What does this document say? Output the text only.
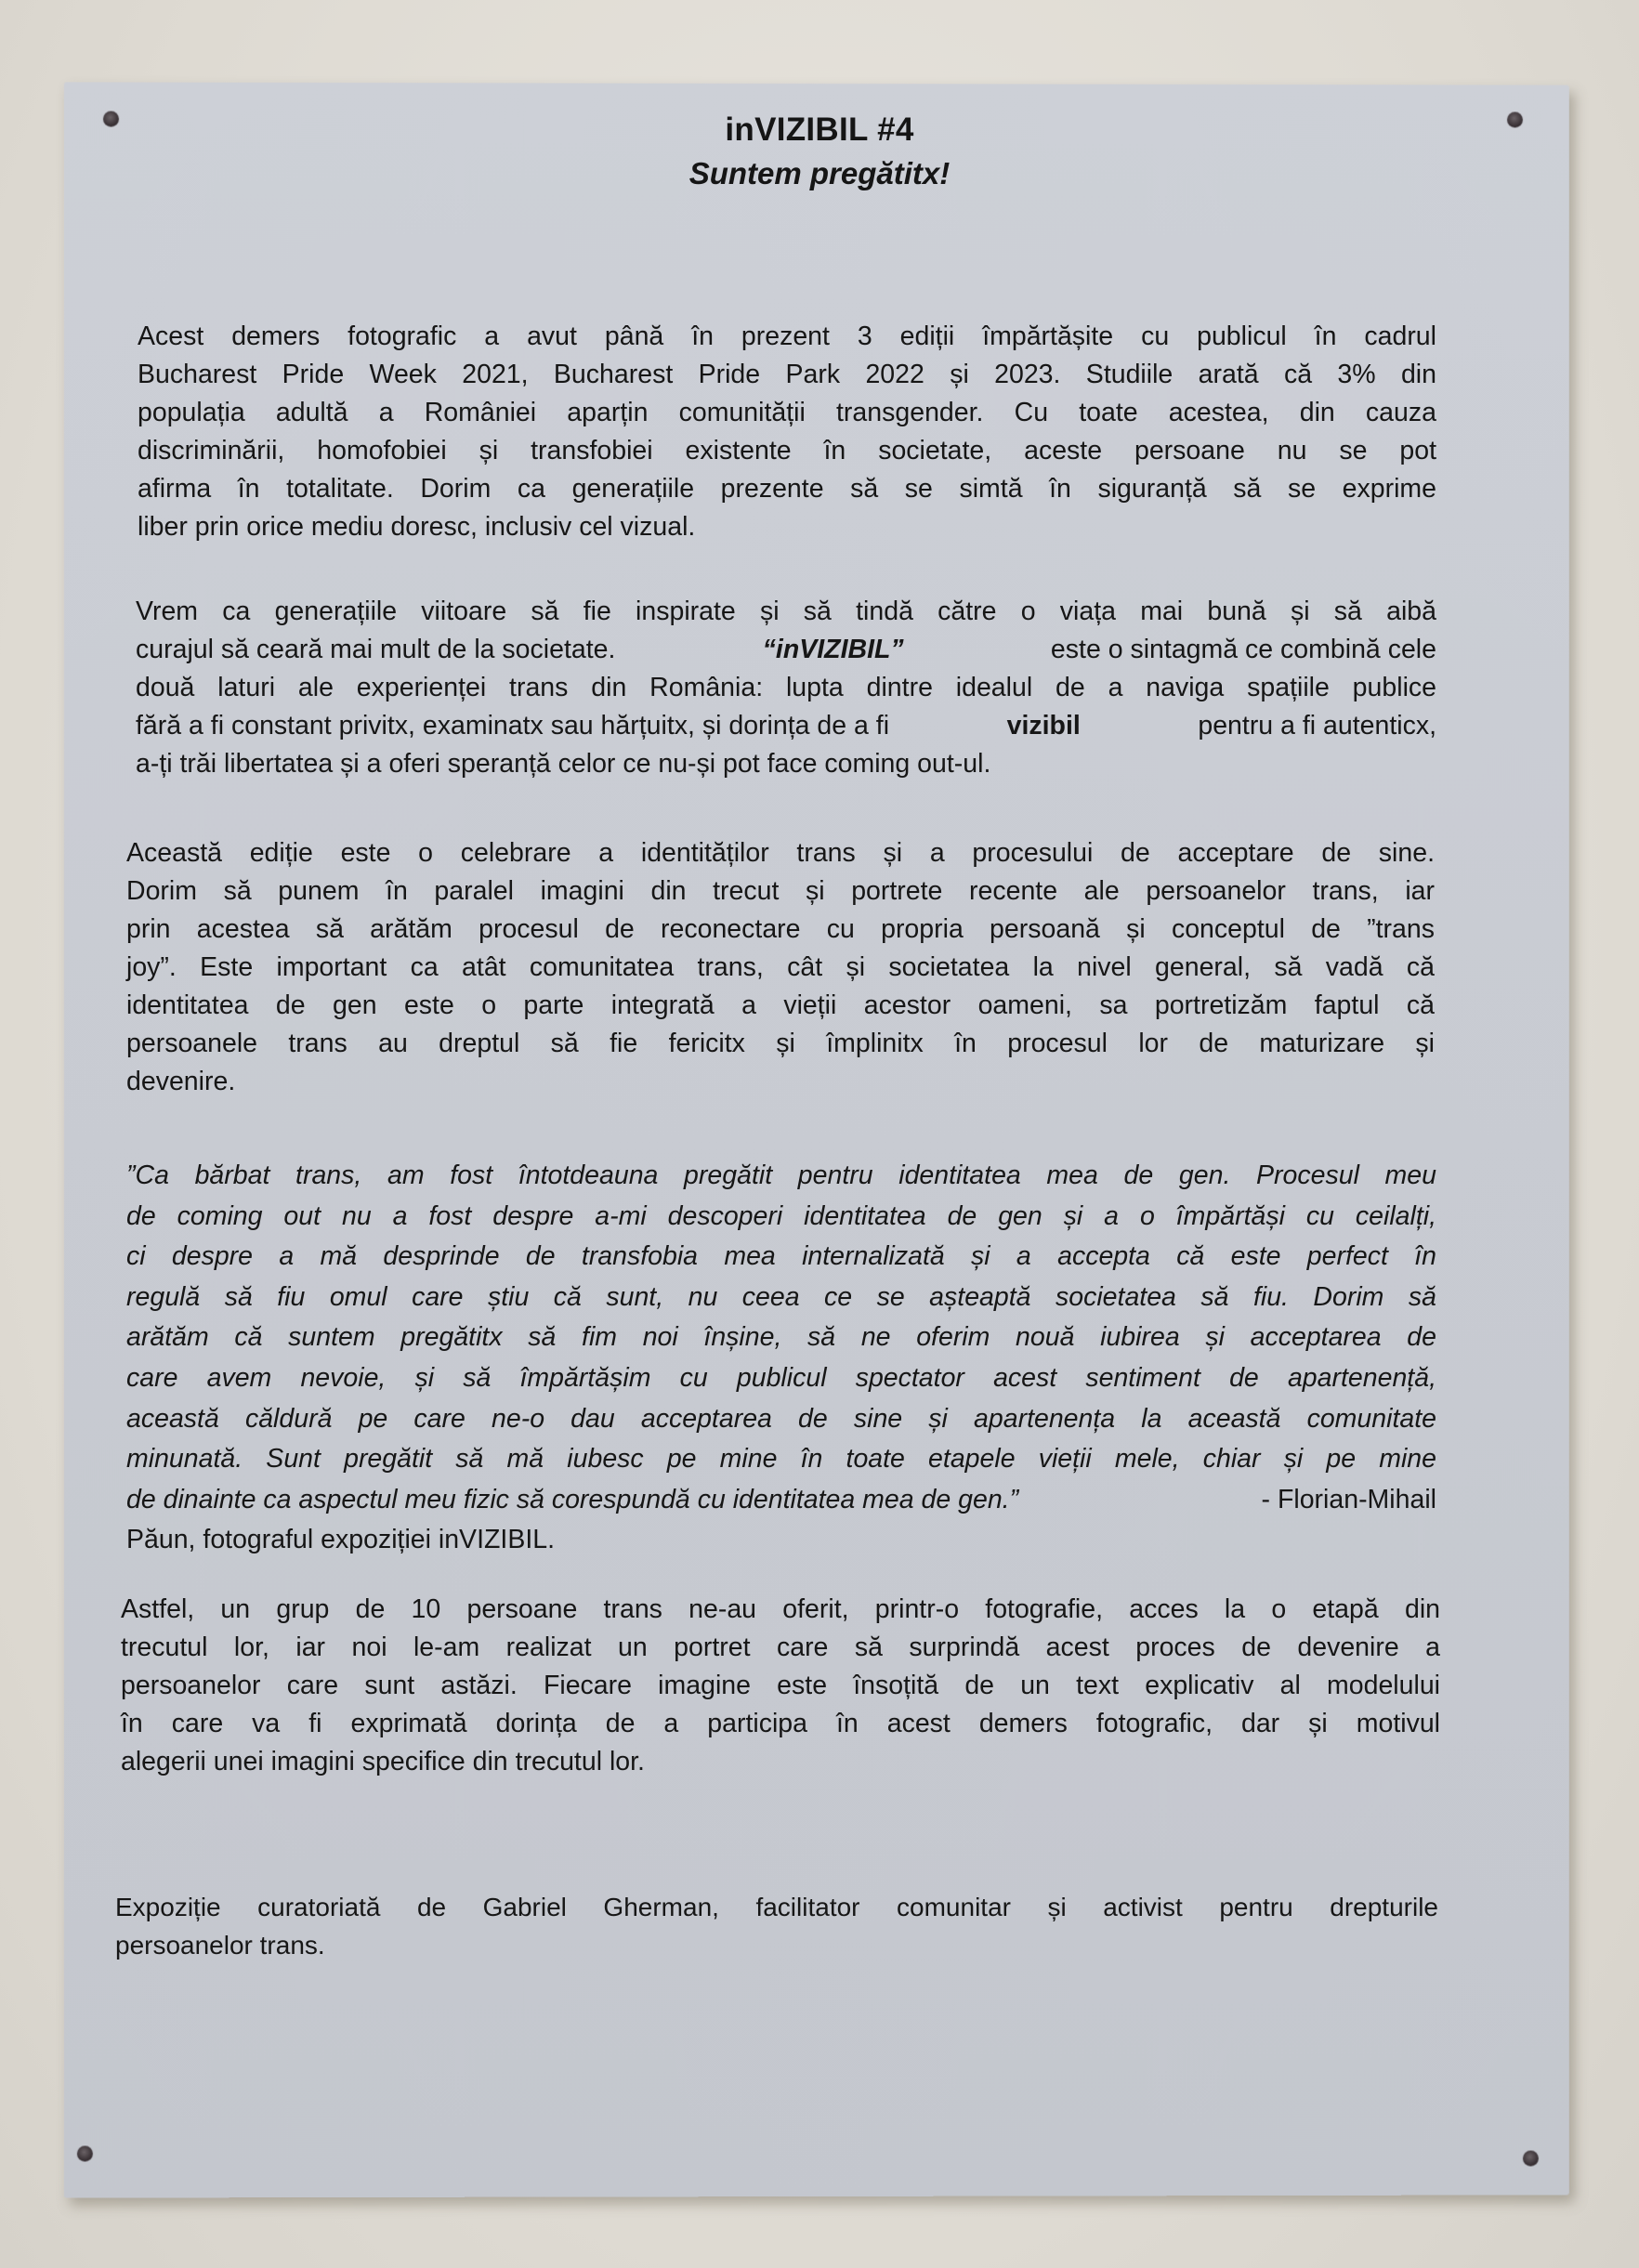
inVIZIBIL #4
Suntem pregătitx!
Acest demers fotografic a avut până în prezent 3 ediții împărtășite cu publicul în cadrul
Bucharest Pride Week 2021, Bucharest Pride Park 2022 și 2023. Studiile arată că 3% din
populația adultă a României aparțin comunității transgender. Cu toate acestea, din cauza
discriminării, homofobiei și transfobiei existente în societate, aceste persoane nu se pot
afirma în totalitate. Dorim ca generațiile prezente să se simtă în siguranță să se exprime
liber prin orice mediu doresc, inclusiv cel vizual.
Vrem ca generațiile viitoare să fie inspirate și să tindă către o viața mai bună și să aibă
curajul să ceară mai mult de la societate.	“inVIZIBIL”	este o sintagmă ce combină cele
două laturi ale experienței trans din România: lupta dintre idealul de a naviga spațiile publice
fără a fi constant privitx, examinatx sau hărțuitx, și dorința de a fi	vizibil	pentru a fi autenticx,
a-ți trăi libertatea și a oferi speranță celor ce nu-și pot face coming out-ul.
Această ediție este o celebrare a identităților trans și a procesului de acceptare de sine.
Dorim să punem în paralel imagini din trecut și portrete recente ale persoanelor trans, iar
prin acestea să arătăm procesul de reconectare cu propria persoană și conceptul de ”trans
joy”. Este important ca atât comunitatea trans, cât și societatea la nivel general, să vadă că
identitatea de gen este o parte integrată a vieții acestor oameni, sa portretizăm faptul că
persoanele trans au dreptul să fie fericitx și împlinitx în procesul lor de maturizare și
devenire.
”Ca bărbat trans, am fost întotdeauna pregătit pentru identitatea mea de gen. Procesul meu
de coming out nu a fost despre a-mi descoperi identitatea de gen și a o împărtăși cu ceilalți,
ci despre a mă desprinde de transfobia mea internalizată și a accepta că este perfect în
regulă să fiu omul care știu că sunt, nu ceea ce se așteaptă societatea să fiu. Dorim să
arătăm că suntem pregătitx să fim noi înșine, să ne oferim nouă iubirea și acceptarea de
care avem nevoie, și să împărtășim cu publicul spectator acest sentiment de apartenență,
această căldură pe care ne-o dau acceptarea de sine și apartenența la această comunitate
minunată. Sunt pregătit să mă iubesc pe mine în toate etapele vieții mele, chiar și pe mine
de dinainte ca aspectul meu fizic să corespundă cu identitatea mea de gen.”	- Florian-Mihail
Păun, fotograful expoziției inVIZIBIL.
Astfel, un grup de 10 persoane trans ne-au oferit, printr-o fotografie, acces la o etapă din
trecutul lor, iar noi le-am realizat un portret care să surprindă acest proces de devenire a
persoanelor care sunt astăzi. Fiecare imagine este însoțită de un text explicativ al modelului
în care va fi exprimată dorința de a participa în acest demers fotografic, dar și motivul
alegerii unei imagini specifice din trecutul lor.
Expoziție curatoriată de Gabriel Gherman, facilitator comunitar și activist pentru drepturile
persoanelor trans.
